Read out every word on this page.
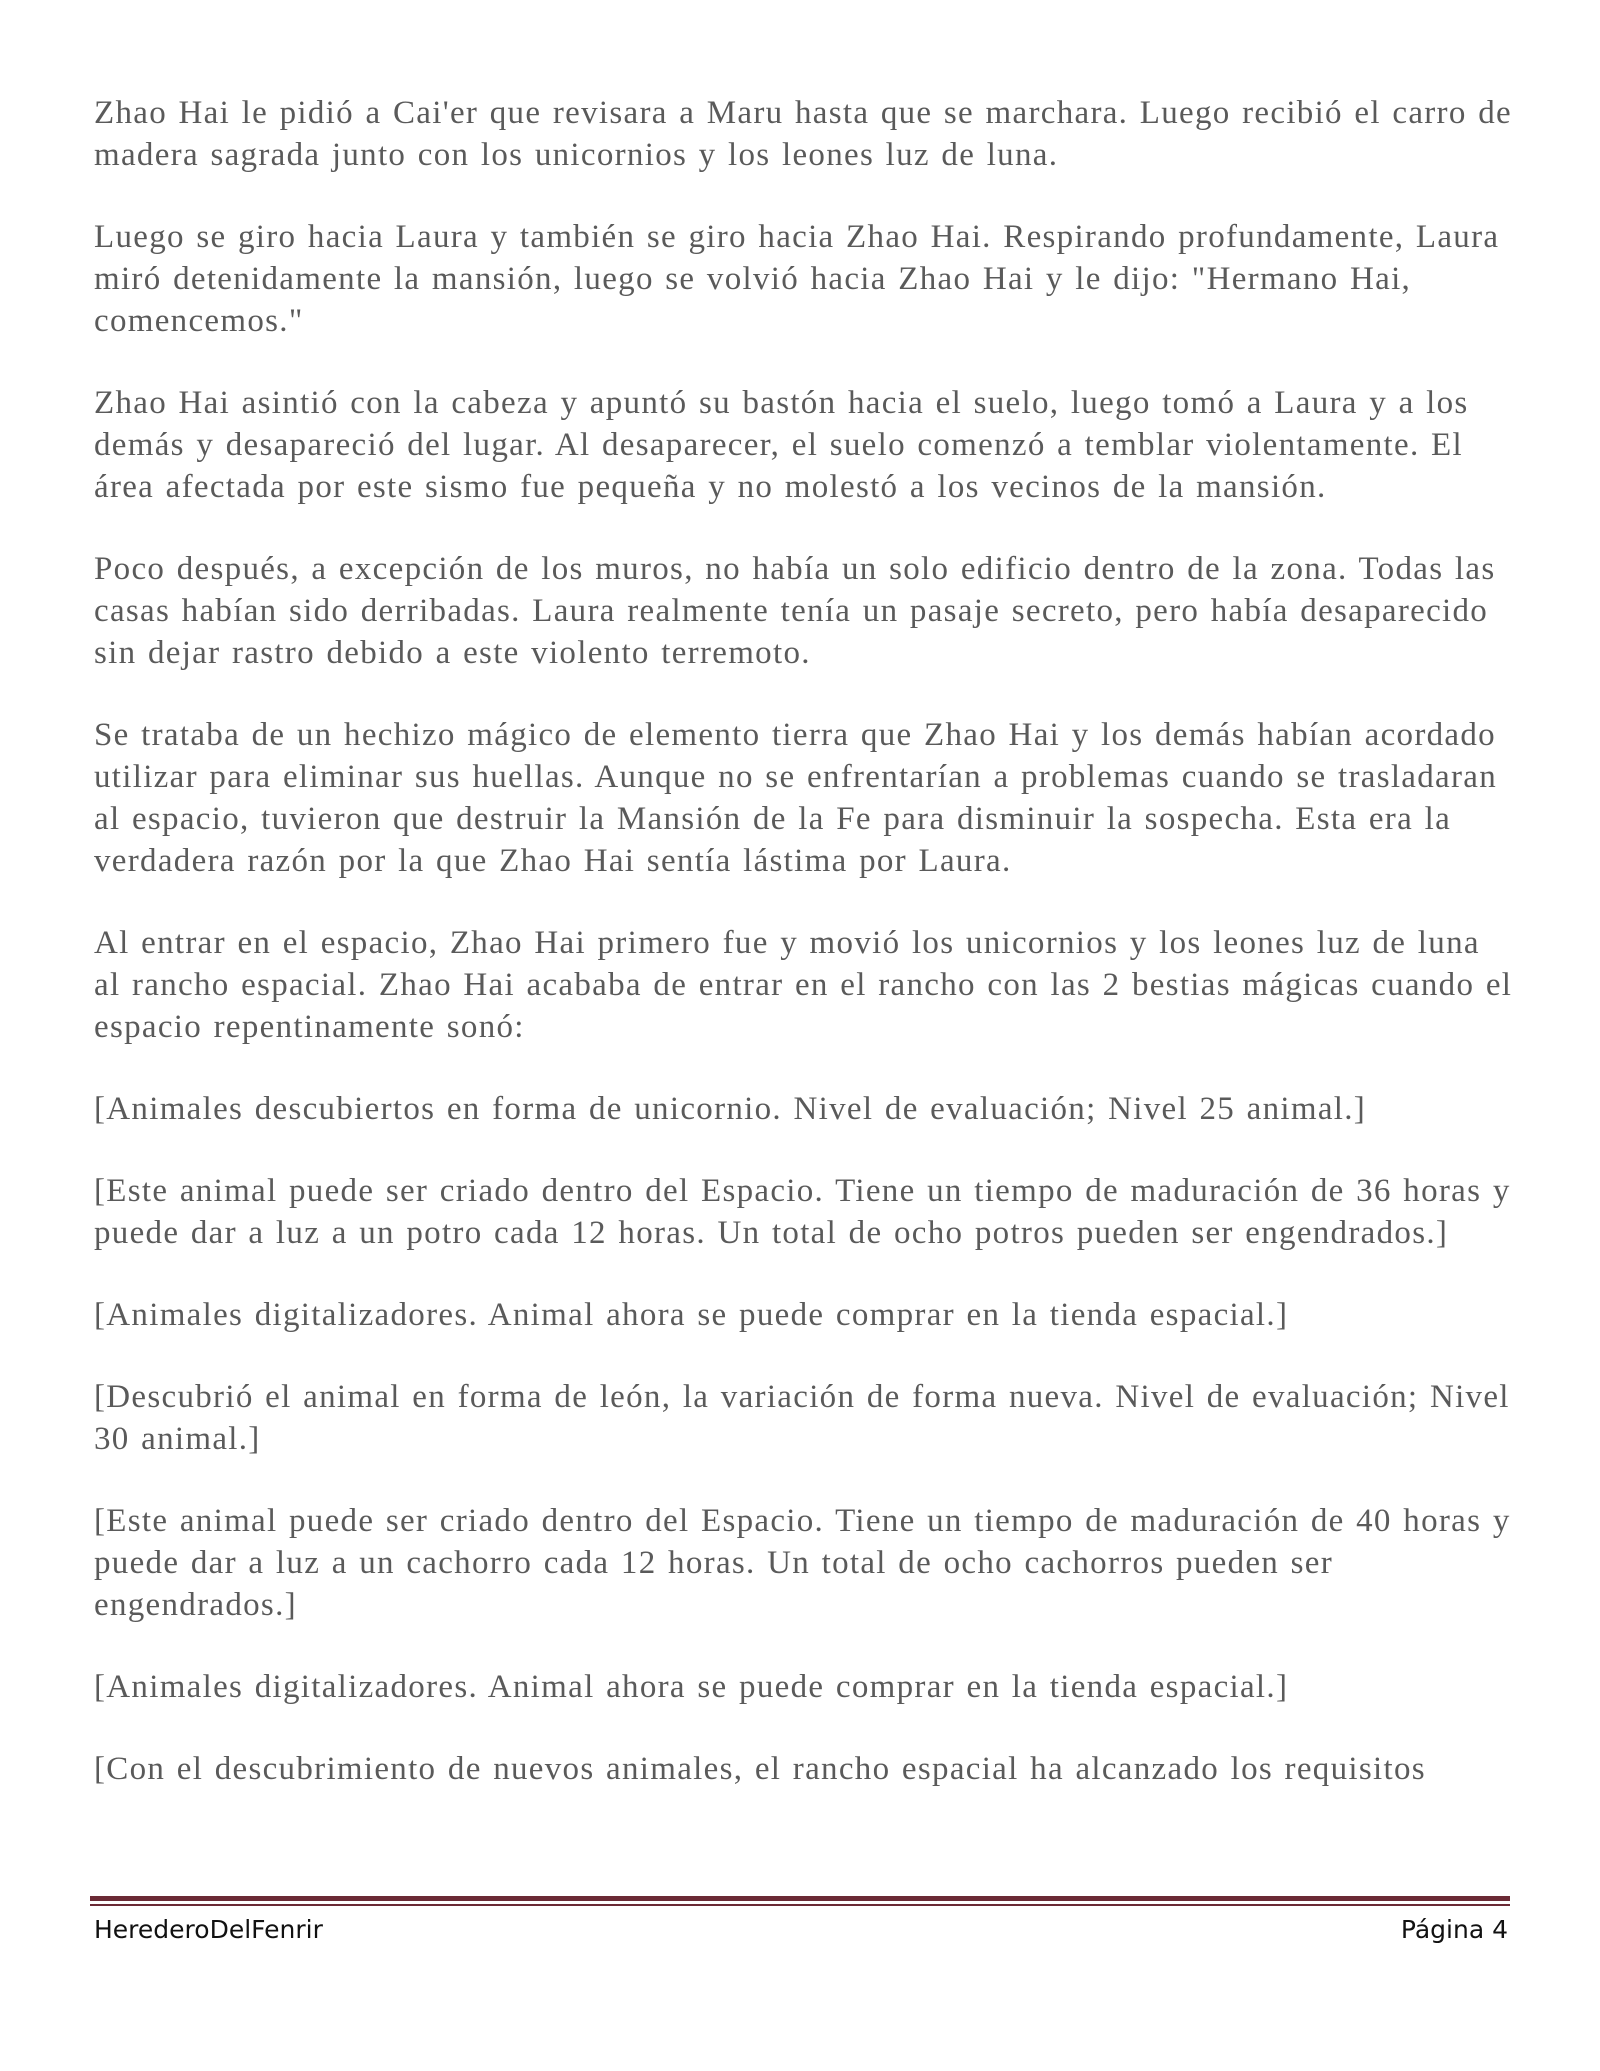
Zhao Hai le pidió a Cai'er que revisara a Maru hasta que se marchara. Luego recibió el carro de madera sagrada junto con los unicornios y los leones luz de luna.

Luego se giro hacia Laura y también se giro hacia Zhao Hai. Respirando profundamente, Laura miró detenidamente la mansión, luego se volvió hacia Zhao Hai y le dijo: "Hermano Hai, comencemos."

Zhao Hai asintió con la cabeza y apuntó su bastón hacia el suelo, luego tomó a Laura y a los demás y desapareció del lugar. Al desaparecer, el suelo comenzó a temblar violentamente. El área afectada por este sismo fue pequeña y no molestó a los vecinos de la mansión.

Poco después, a excepción de los muros, no había un solo edificio dentro de la zona. Todas las casas habían sido derribadas. Laura realmente tenía un pasaje secreto, pero había desaparecido sin dejar rastro debido a este violento terremoto.

Se trataba de un hechizo mágico de elemento tierra que Zhao Hai y los demás habían acordado utilizar para eliminar sus huellas. Aunque no se enfrentarían a problemas cuando se trasladaran al espacio, tuvieron que destruir la Mansión de la Fe para disminuir la sospecha. Esta era la verdadera razón por la que Zhao Hai sentía lástima por Laura.

Al entrar en el espacio, Zhao Hai primero fue y movió los unicornios y los leones luz de luna al rancho espacial. Zhao Hai acababa de entrar en el rancho con las 2 bestias mágicas cuando el espacio repentinamente sonó:

[Animales descubiertos en forma de unicornio. Nivel de evaluación; Nivel 25 animal.]

[Este animal puede ser criado dentro del Espacio. Tiene un tiempo de maduración de 36 horas y puede dar a luz a un potro cada 12 horas. Un total de ocho potros pueden ser engendrados.]

[Animales digitalizadores. Animal ahora se puede comprar en la tienda espacial.]

[Descubrió el animal en forma de león, la variación de forma nueva. Nivel de evaluación; Nivel 30 animal.]

[Este animal puede ser criado dentro del Espacio. Tiene un tiempo de maduración de 40 horas y puede dar a luz a un cachorro cada 12 horas. Un total de ocho cachorros pueden ser engendrados.]

[Animales digitalizadores. Animal ahora se puede comprar en la tienda espacial.]

[Con el descubrimiento de nuevos animales, el rancho espacial ha alcanzado los requisitos

HerederoDelFenrir	Página 4
